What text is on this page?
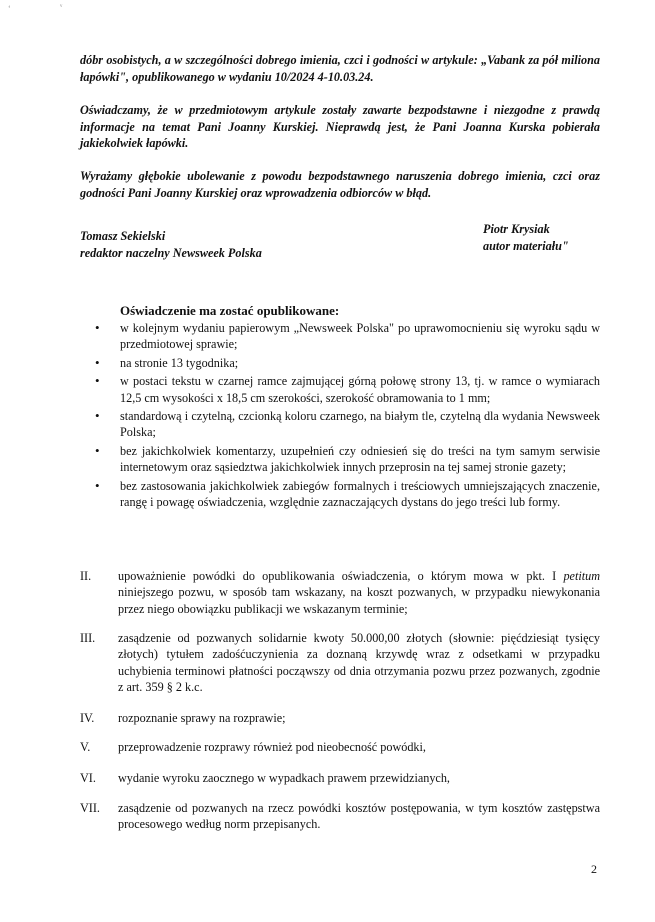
ʻ	ᵛ

dóbr osobistych, a w szczególności dobrego imienia, czci i godności w artykule: „Vabank za pół miliona łapówki", opublikowanego w wydaniu 10/2024 4-10.03.24.

Oświadczamy, że w przedmiotowym artykule zostały zawarte bezpodstawne i niezgodne z prawdą informacje na temat Pani Joanny Kurskiej. Nieprawdą jest, że Pani Joanna Kurska pobierała jakiekolwiek łapówki.

Wyrażamy głębokie ubolewanie z powodu bezpodstawnego naruszenia dobrego imienia, czci oraz godności Pani Joanny Kurskiej oraz wprowadzenia odbiorców w błąd.

Tomasz Sekielski
redaktor naczelny Newsweek Polska
Piotr Krysiak
autor materiału"
Oświadczenie ma zostać opublikowane:
• w kolejnym wydaniu papierowym „Newsweek Polska" po uprawomocnieniu się wyroku sądu w przedmiotowej sprawie;
• na stronie 13 tygodnika;
• w postaci tekstu w czarnej ramce zajmującej górną połowę strony 13, tj. w ramce o wymiarach 12,5 cm wysokości x 18,5 cm szerokości, szerokość obramowania to 1 mm;
• standardową i czytelną, czcionką koloru czarnego, na białym tle, czytelną dla wydania Newsweek Polska;
• bez jakichkolwiek komentarzy, uzupełnień czy odniesień się do treści na tym samym serwisie internetowym oraz sąsiedztwa jakichkolwiek innych przeprosin na tej samej stronie gazety;
• bez zastosowania jakichkolwiek zabiegów formalnych i treściowych umniejszających znaczenie, rangę i powagę oświadczenia, względnie zaznaczających dystans do jego treści lub formy.
II.	upoważnienie powódki do opublikowania oświadczenia, o którym mowa w pkt. I petitum niniejszego pozwu, w sposób tam wskazany, na koszt pozwanych, w przypadku niewykonania przez niego obowiązku publikacji we wskazanym terminie;
III.	zasądzenie od pozwanych solidarnie kwoty 50.000,00 złotych (słownie: pięćdziesiąt tysięcy złotych) tytułem zadośćuczynienia za doznaną krzywdę wraz z odsetkami w przypadku uchybienia terminowi płatności począwszy od dnia otrzymania pozwu przez pozwanych, zgodnie z art. 359 § 2 k.c.
IV.	rozpoznanie sprawy na rozprawie;
V.	przeprowadzenie rozprawy również pod nieobecność powódki,
VI.	wydanie wyroku zaocznego w wypadkach prawem przewidzianych,
VII.	zasądzenie od pozwanych na rzecz powódki kosztów postępowania, w tym kosztów zastępstwa procesowego według norm przepisanych.
2
